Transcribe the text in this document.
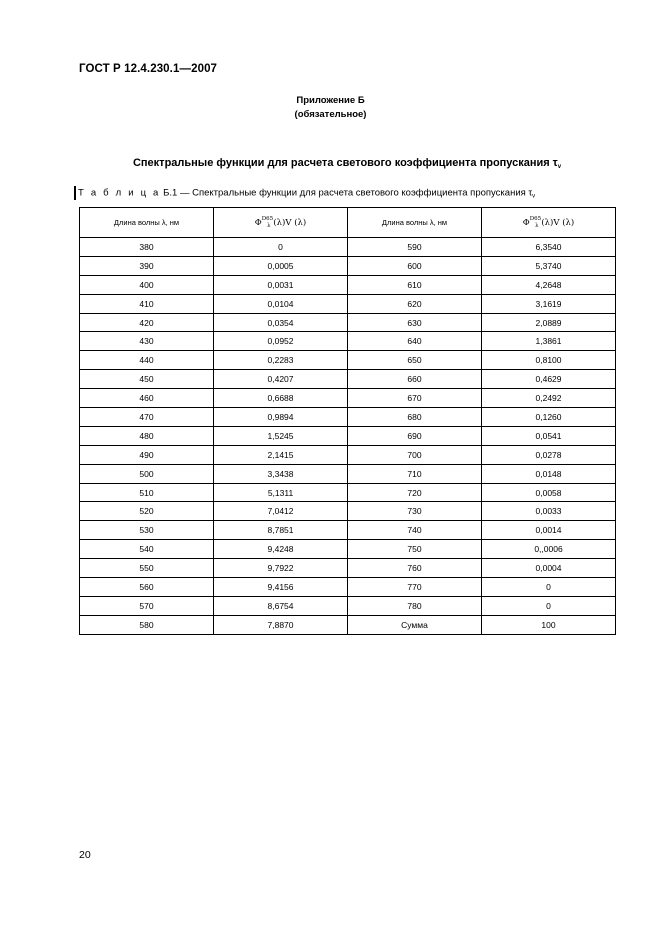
ГОСТ Р 12.4.230.1—2007
Приложение Б
(обязательное)
Спектральные функции для расчета светового коэффициента пропускания $\tau_v$
Т а б л и ц а Б.1 — Спектральные функции для расчета светового коэффициента пропускания $\tau_v$
Длина волны λ, нм	$\Phi^{D65}_\lambda$ (λ)V (λ)	Длина волны λ, нм	$\Phi^{D65}_\lambda$ (λ)V (λ)
380	0	590	6,3540
390	0,0005	600	5,3740
400	0,0031	610	4,2648
410	0,0104	620	3,1619
420	0,0354	630	2,0889
430	0,0952	640	1,3861
440	0,2283	650	0,8100
450	0,4207	660	0,4629
460	0,6688	670	0,2492
470	0,9894	680	0,1260
480	1,5245	690	0,0541
490	2,1415	700	0,0278
500	3,3438	710	0,0148
510	5,1311	720	0,0058
520	7,0412	730	0,0033
530	8,7851	740	0,0014
540	9,4248	750	0,,0006
550	9,7922	760	0,0004
560	9,4156	770	0
570	8,6754	780	0
580	7,8870	Сумма	100
20
